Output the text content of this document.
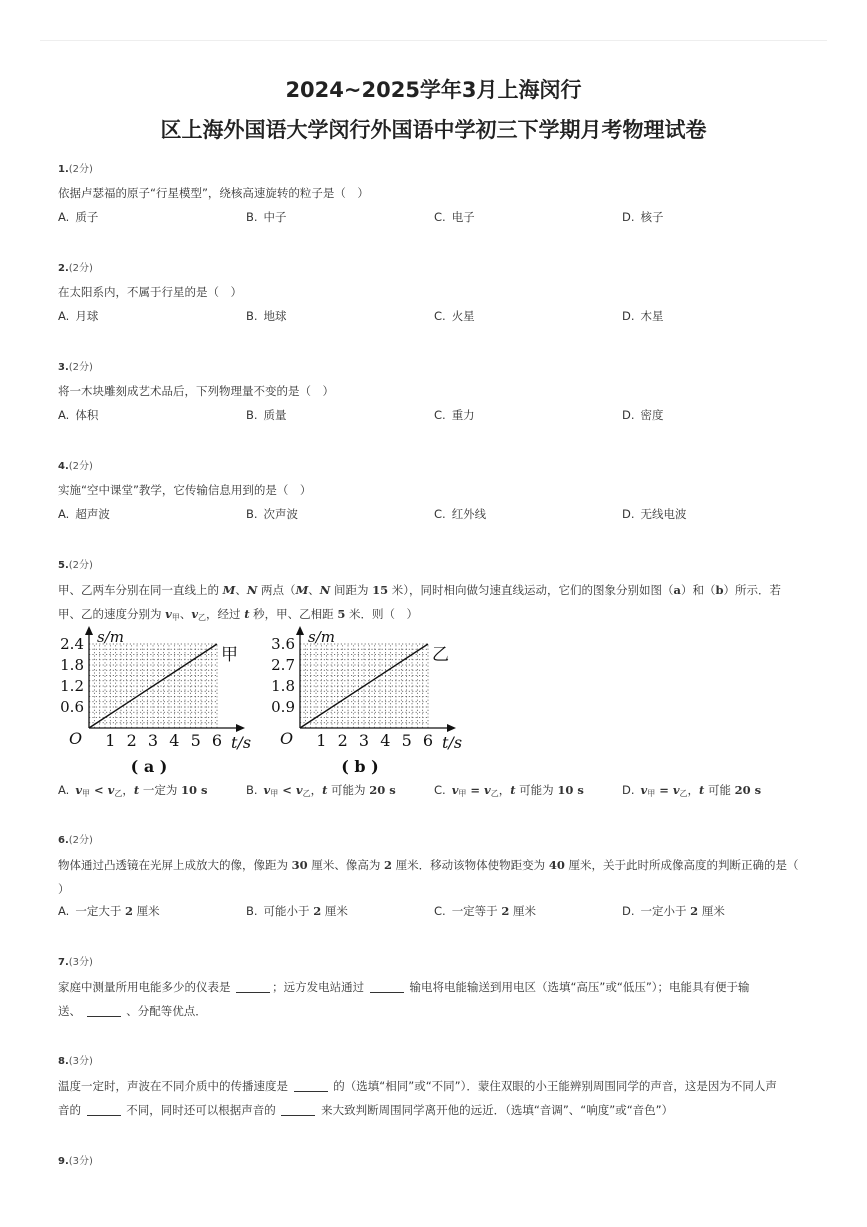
2024~2025学年3月上海闵行
区上海外国语大学闵行外国语中学初三下学期月考物理试卷
1.(2分)
依据卢瑟福的原子“行星模型”，绕核高速旋转的粒子是（　）
A. 质子	B. 中子	C. 电子	D. 核子
2.(2分)
在太阳系内，不属于行星的是（　）
A. 月球	B. 地球	C. 火星	D. 木星
3.(2分)
将一木块雕刻成艺术品后，下列物理量不变的是（　）
A. 体积	B. 质量	C. 重力	D. 密度
4.(2分)
实施“空中课堂”教学，它传输信息用到的是（　）
A. 超声波	B. 次声波	C. 红外线	D. 无线电波
5.(2分)
甲、乙两车分别在同一直线上的 M、N 两点（M、N 间距为 15 米），同时相向做匀速直线运动，它们的图象分别如图（a）和（b）所示．若
甲、乙的速度分别为 $v_甲$、$v_乙$，经过 t 秒，甲、乙相距 5 米．则（　）
1 2 3 4 5 6
0.6
1.2
1.8
2.4
O	t/s
s/m
甲
( a )
1 2 3 4 5 6
0.9
1.8
2.7
3.6
O	t/s
s/m
乙
( b )
A. $v_甲 < v_乙$，t 一定为 10 s	B. $v_甲 < v_乙$，t 可能为 20 s	C. $v_甲 = v_乙$，t 可能为 10 s	D. $v_甲 = v_乙$，t 可能 20 s
6.(2分)
物体通过凸透镜在光屏上成放大的像，像距为 30 厘米、像高为 2 厘米．移动该物体使物距变为 40 厘米，关于此时所成像高度的判断正确的是（
）
A. 一定大于 2 厘米	B. 可能小于 2 厘米	C. 一定等于 2 厘米	D. 一定小于 2 厘米
7.(3分)
家庭中测量所用电能多少的仪表是	；远方发电站通过	输电将电能输送到用电区（选填“高压”或“低压”）；电能具有便于输
送、	、分配等优点．
8.(3分)
温度一定时，声波在不同介质中的传播速度是	的（选填“相同”或“不同”）．蒙住双眼的小王能辨别周围同学的声音，这是因为不同人声
音的	不同，同时还可以根据声音的	来大致判断周围同学离开他的远近．（选填“音调”、“响度”或“音色”）
9.(3分)
